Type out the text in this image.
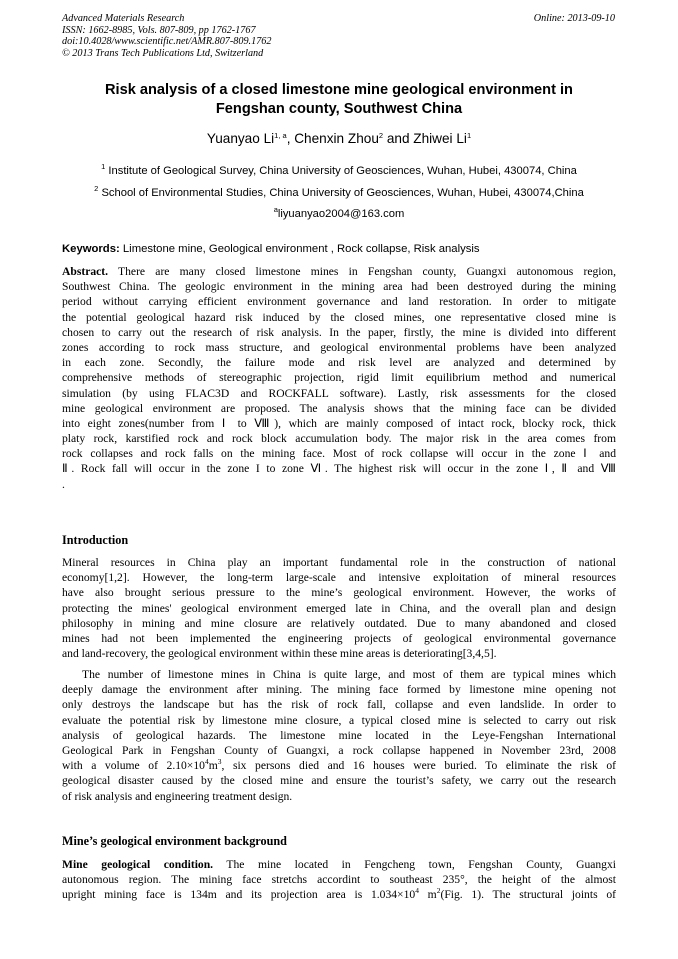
Advanced Materials Research
ISSN: 1662-8985, Vols. 807-809, pp 1762-1767
doi:10.4028/www.scientific.net/AMR.807-809.1762
© 2013 Trans Tech Publications Ltd, Switzerland
Online: 2013-09-10
Risk analysis of a closed limestone mine geological environment in
Fengshan county, Southwest China
Yuanyao Li$^{1, a}$, Chenxin Zhou$^2$ and Zhiwei Li$^1$
$^1$ Institute of Geological Survey, China University of Geosciences, Wuhan, Hubei, 430074, China
$^2$ School of Environmental Studies, China University of Geosciences, Wuhan, Hubei, 430074,China
$^a$liyuanyao2004@163.com
Keywords: Limestone mine, Geological environment , Rock collapse, Risk analysis
Abstract. There are many closed limestone mines in Fengshan county, Guangxi autonomous region,
Southwest China. The geologic environment in the mining area had been destroyed during the mining
period without carrying efficient environment governance and land restoration. In order to mitigate
the potential geological hazard risk induced by the closed mines, one representative closed mine is
chosen to carry out the research of risk analysis. In the paper, firstly, the mine is divided into different
zones according to rock mass structure, and geological environmental problems have been analyzed
in each zone. Secondly, the failure mode and risk level are analyzed and determined by
comprehensive methods of stereographic projection, rigid limit equilibrium method and numerical
simulation (by using FLAC3D and ROCKFALL software). Lastly, risk assessments for the closed
mine geological environment are proposed. The analysis shows that the mining face can be divided
into eight zones(number from Ⅰ to Ⅷ), which are mainly composed of intact rock, blocky rock, thick
platy rock, karstified rock and rock block accumulation body. The major risk in the area comes from
rock collapses and rock falls on the mining face. Most of rock collapse will occur in the zone Ⅰ and
Ⅱ. Rock fall will occur in the zone I to zone Ⅵ. The highest risk will occur in the zone Ⅰ, Ⅱ and Ⅷ
.
Introduction
Mineral resources in China play an important fundamental role in the construction of national
economy[1,2]. However, the long-term large-scale and intensive exploitation of mineral resources
have also brought serious pressure to the mine’s geological environment. However, the works of
protecting the mines' geological environment emerged late in China, and the overall plan and design
philosophy in mining and mine closure are relatively outdated. Due to many abandoned and closed
mines had not been implemented the engineering projects of geological environmental governance
and land-recovery, the geological environment within these mine areas is deteriorating[3,4,5].
The number of limestone mines in China is quite large, and most of them are typical mines which
deeply damage the environment after mining. The mining face formed by limestone mine opening not
only destroys the landscape but has the risk of rock fall, collapse and even landslide. In order to
evaluate the potential risk by limestone mine closure, a typical closed mine is selected to carry out risk
analysis of geological hazards. The limestone mine located in the Leye-Fengshan International
Geological Park in Fengshan County of Guangxi, a rock collapse happened in November 23rd, 2008
with a volume of $2.10\times 10^4m^3$, six persons died and 16 houses were buried. To eliminate the risk of
geological disaster caused by the closed mine and ensure the tourist’s safety, we carry out the research
of risk analysis and engineering treatment design.
Mine’s geological environment background
Mine geological condition. The mine located in Fengcheng town, Fengshan County, Guangxi
autonomous region. The mining face stretchs accordint to southeast 235°, the height of the almost
upright mining face is 134m and its projection area is $1.034\times 10^4$ $m^2(Fig$. 1). The structural joints of
